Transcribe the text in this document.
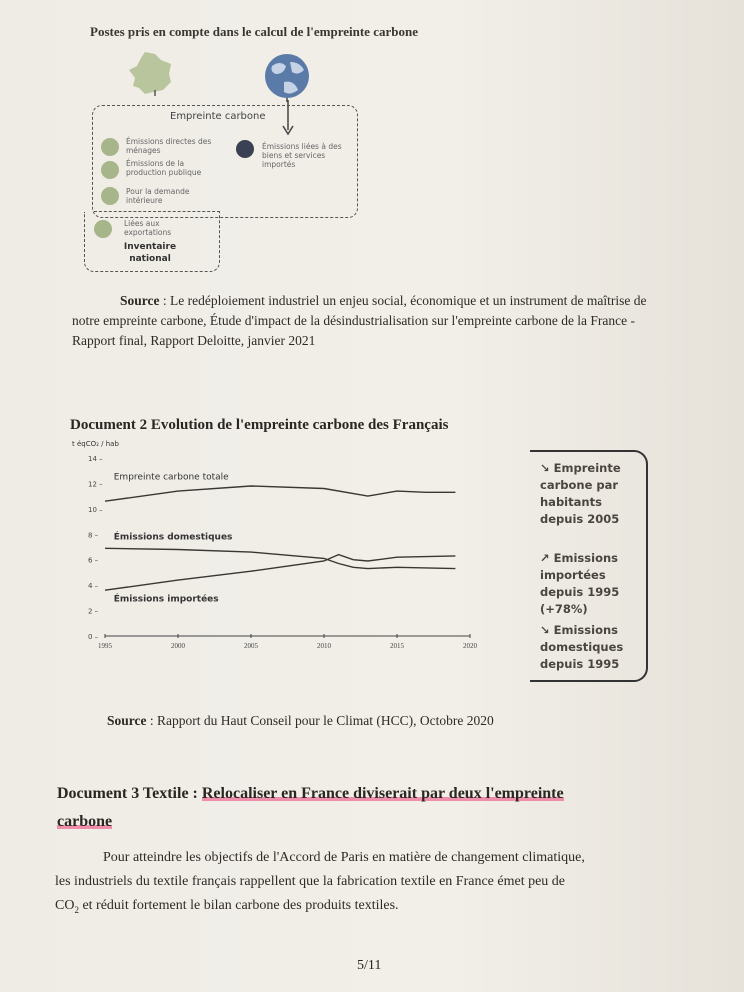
Postes pris en compte dans le calcul de l'empreinte carbone
Empreinte carbone
Émissions directes des ménages
Émissions de la production publique
Pour la demande intérieure
Émissions liées à des biens et services importés
Liées aux exportations
Inventaire national
Source : Le redéploiement industriel un enjeu social, économique et un instrument de maîtrise de notre empreinte carbone, Étude d'impact de la désindustrialisation sur l'empreinte carbone de la France - Rapport final, Rapport Deloitte, janvier 2021
Document 2 Evolution de l'empreinte carbone des Français
t éqCO₂ / hab
0 –
2 –
4 –
6 –
8 –
10 –
12 –
14 –
1995	2000	2005	2010	2015	2020
Empreinte carbone totale
Émissions domestiques
Émissions importées
↘ Empreinte carbone par habitants depuis 2005
↗ Emissions importées depuis 1995 (+78%)
↘ Emissions domestiques depuis 1995
Source : Rapport du Haut Conseil pour le Climat (HCC), Octobre 2020
Document 3 Textile : Relocaliser en France diviserait par deux l'empreinte
carbone
Pour atteindre les objectifs de l'Accord de Paris en matière de changement climatique,
les industriels du textile français rappellent que la fabrication textile en France émet peu de
$CO_2$ et réduit fortement le bilan carbone des produits textiles.
5/11
